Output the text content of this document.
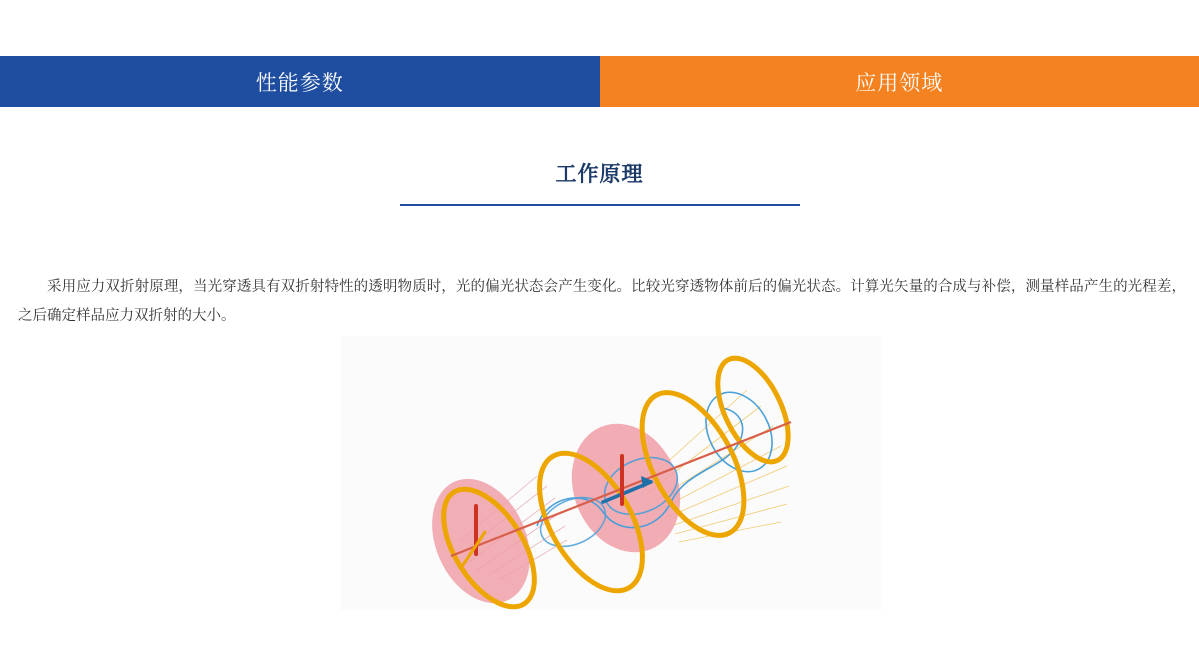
性能参数	应用领域
工作原理

采用应力双折射原理，当光穿透具有双折射特性的透明物质时，光的偏光状态会产生变化。比较光穿透物体前后的偏光状态。计算光矢量的合成与补偿，测量样品产生的光程差，之后确定样品应力双折射的大小。
